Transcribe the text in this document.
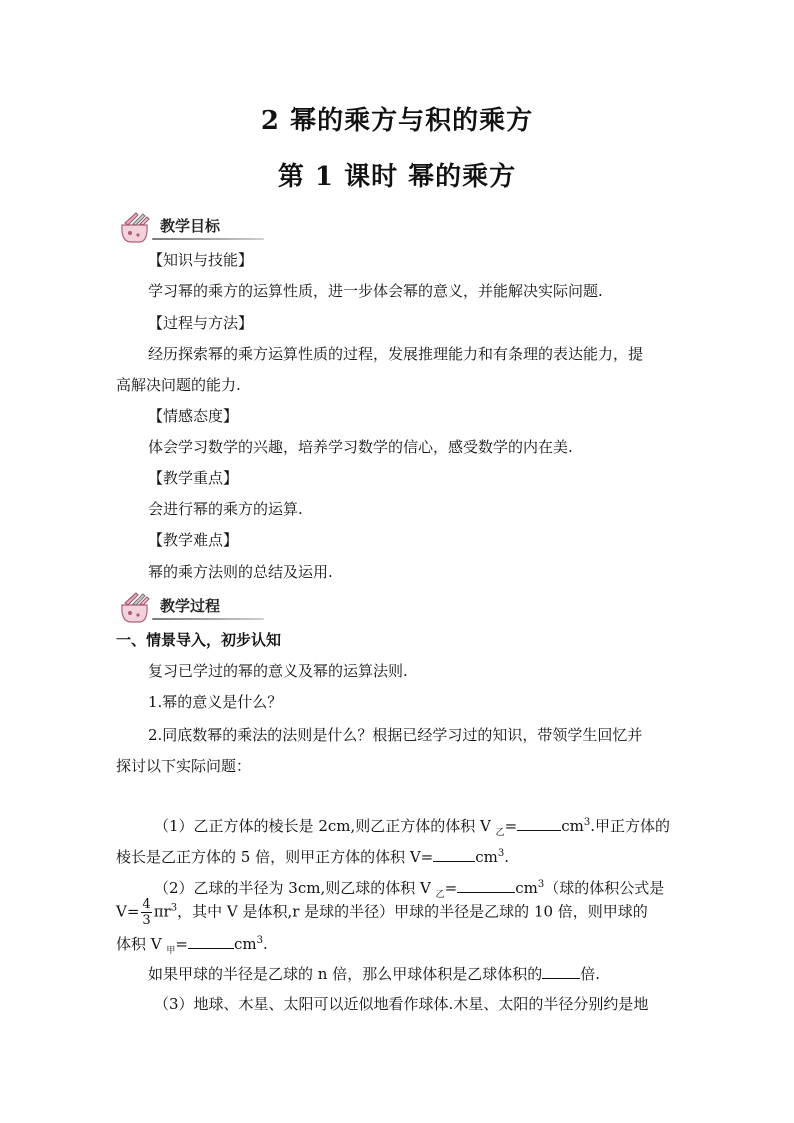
2 幂的乘方与积的乘方
第 1 课时 幂的乘方
教学目标
【知识与技能】
学习幂的乘方的运算性质，进一步体会幂的意义，并能解决实际问题.
【过程与方法】
经历探索幂的乘方运算性质的过程，发展推理能力和有条理的表达能力，提
高解决问题的能力.
【情感态度】
体会学习数学的兴趣，培养学习数学的信心，感受数学的内在美.
【教学重点】
会进行幂的乘方的运算.
【教学难点】
幂的乘方法则的总结及运用.
教学过程
一、情景导入，初步认知
复习已学过的幂的意义及幂的运算法则.
1.幂的意义是什么？
2.同底数幂的乘法的法则是什么？根据已经学习过的知识，带领学生回忆并
探讨以下实际问题：
（1）乙正方体的棱长是 2cm,则乙正方体的体积 V $_乙$=	$cm^3$.甲正方体的
棱长是乙正方体的 5 倍，则甲正方体的体积 V=	$cm^3$.
（2）乙球的半径为 3cm,则乙球的体积 V $_乙$=	$cm^3$（球的体积公式是
$V= \frac{4}{3} \pi r^3$，其中 V 是体积,r 是球的半径）甲球的半径是乙球的 10 倍，则甲球的
体积 V $_甲$=	$cm^3$.
如果甲球的半径是乙球的 n 倍，那么甲球体积是乙球体积的	倍.
（3）地球、木星、太阳可以近似地看作球体.木星、太阳的半径分别约是地
